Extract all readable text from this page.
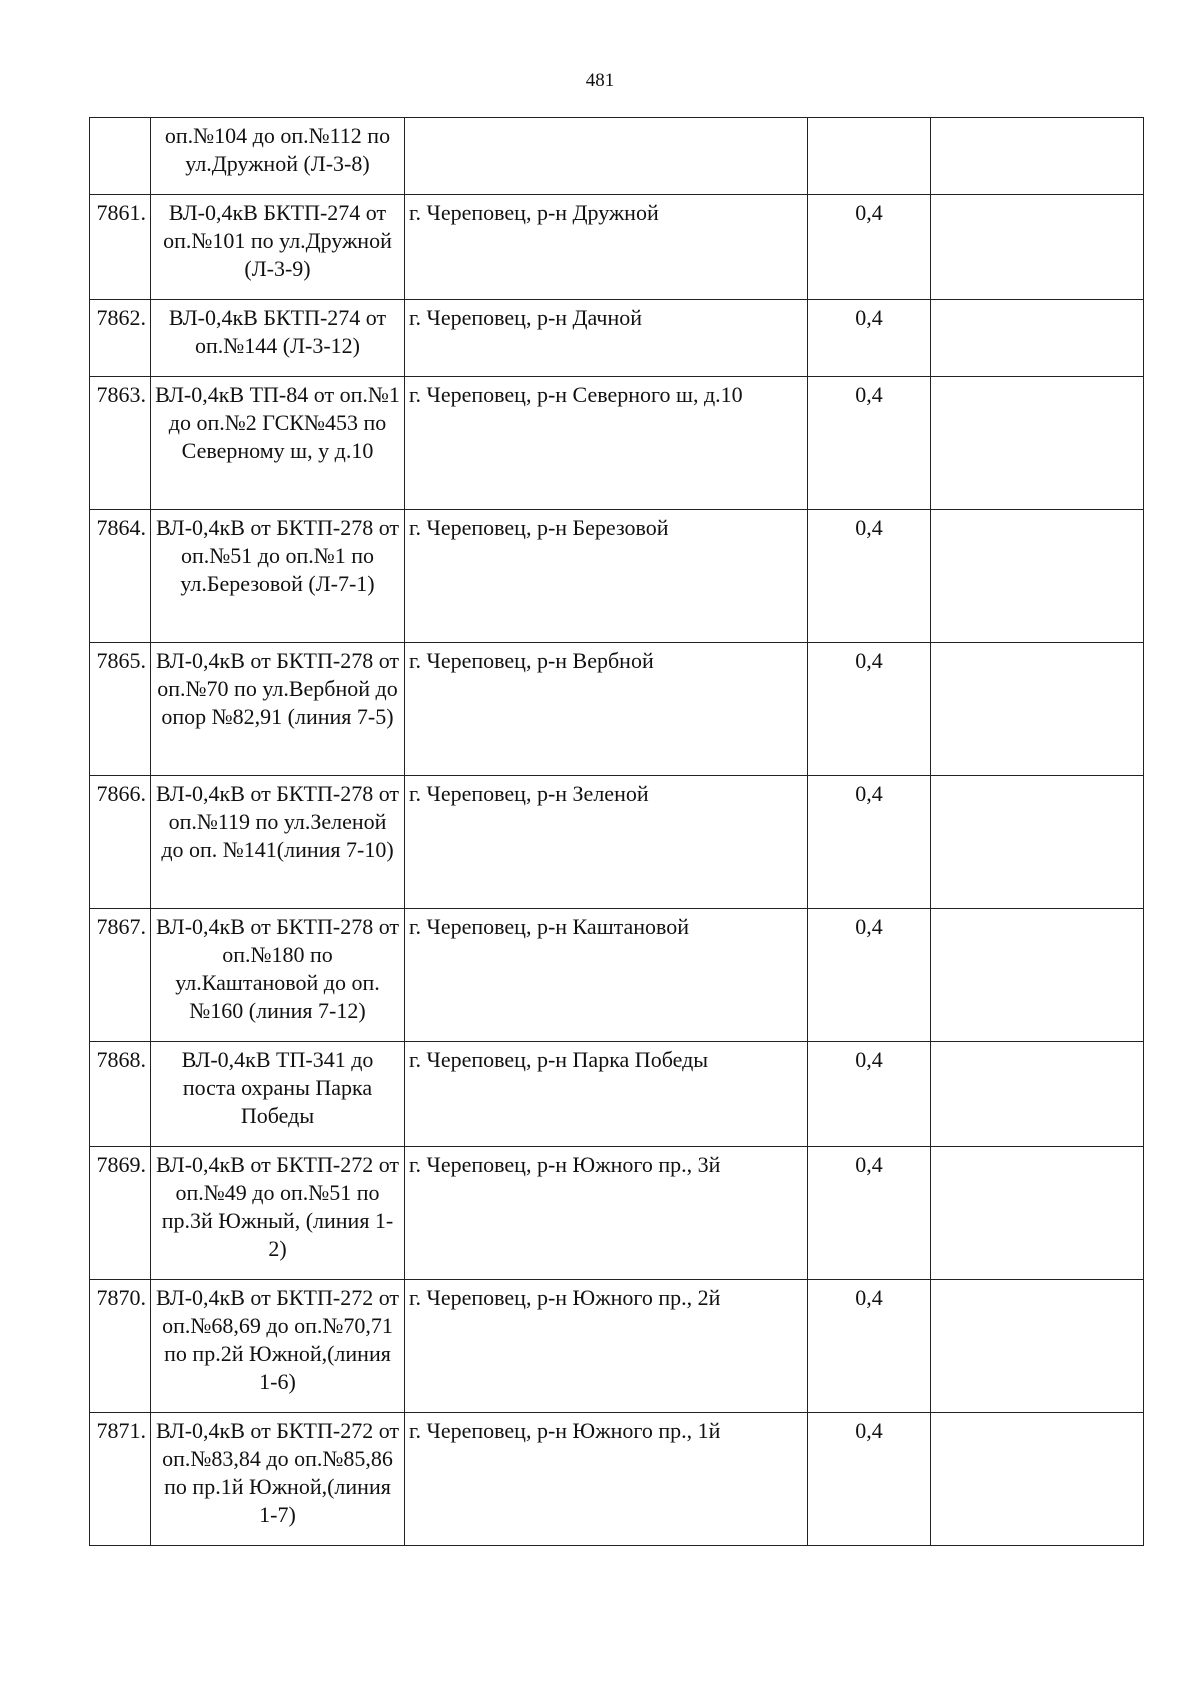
481
	оп.№104 до оп.№112 по ул.Дружной (Л-3-8)			
7861.	ВЛ-0,4кВ БКТП-274 от оп.№101 по ул.Дружной (Л-3-9)	г. Череповец, р-н Дружной	0,4	
7862.	ВЛ-0,4кВ БКТП-274 от оп.№144 (Л-3-12)	г. Череповец, р-н Дачной	0,4	
7863.	ВЛ-0,4кВ ТП-84 от оп.№1 до оп.№2 ГСК№453 по Северному ш, у д.10	г. Череповец, р-н Северного ш, д.10	0,4	
7864.	ВЛ-0,4кВ от БКТП-278 от оп.№51 до оп.№1 по ул.Березовой (Л-7-1)	г. Череповец, р-н Березовой	0,4	
7865.	ВЛ-0,4кВ от БКТП-278 от оп.№70 по ул.Вербной до опор №82,91 (линия 7-5)	г. Череповец, р-н Вербной	0,4	
7866.	ВЛ-0,4кВ от БКТП-278 от оп.№119 по ул.Зеленой до оп. №141(линия 7-10)	г. Череповец, р-н Зеленой	0,4	
7867.	ВЛ-0,4кВ от БКТП-278 от оп.№180 по ул.Каштановой до оп.№160 (линия 7-12)	г. Череповец, р-н Каштановой	0,4	
7868.	ВЛ-0,4кВ ТП-341 до поста охраны Парка Победы	г. Череповец, р-н Парка Победы	0,4	
7869.	ВЛ-0,4кВ от БКТП-272 от оп.№49 до оп.№51 по пр.3й Южный, (линия 1-2)	г. Череповец, р-н Южного пр., 3й	0,4	
7870.	ВЛ-0,4кВ от БКТП-272 от оп.№68,69 до оп.№70,71 по пр.2й Южной,(линия 1-6)	г. Череповец, р-н Южного пр., 2й	0,4	
7871.	ВЛ-0,4кВ от БКТП-272 от оп.№83,84 до оп.№85,86 по пр.1й Южной,(линия 1-7)	г. Череповец, р-н Южного пр., 1й	0,4	
